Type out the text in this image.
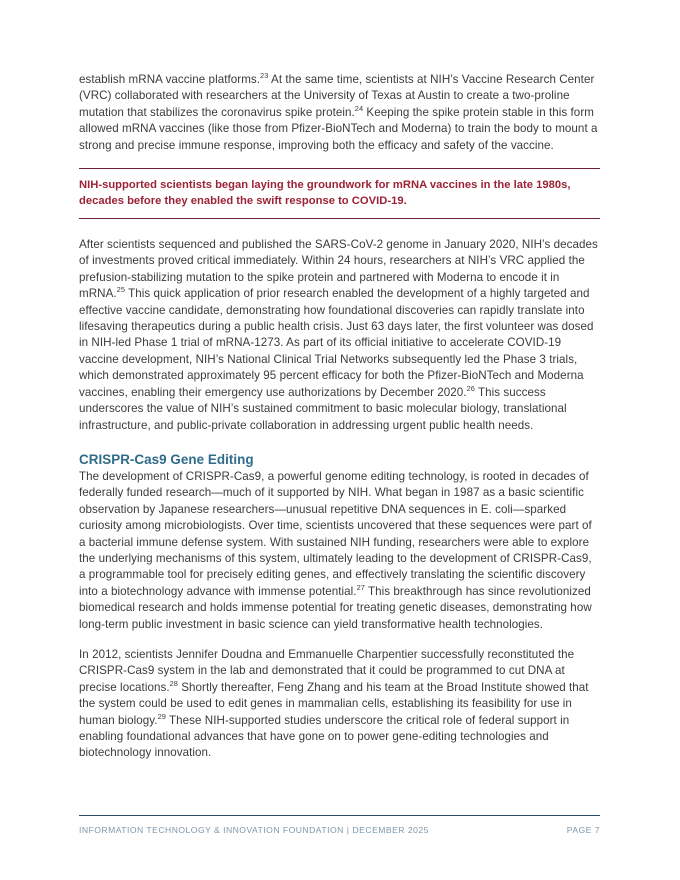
establish mRNA vaccine platforms.$^{23}$ At the same time, scientists at NIH’s Vaccine Research Center (VRC) collaborated with researchers at the University of Texas at Austin to create a two-proline mutation that stabilizes the coronavirus spike protein.$^{24}$ Keeping the spike protein stable in this form allowed mRNA vaccines (like those from Pfizer-BioNTech and Moderna) to train the body to mount a strong and precise immune response, improving both the efficacy and safety of the vaccine.

NIH-supported scientists began laying the groundwork for mRNA vaccines in the late 1980s, decades before they enabled the swift response to COVID-19.

After scientists sequenced and published the SARS-CoV-2 genome in January 2020, NIH’s decades of investments proved critical immediately. Within 24 hours, researchers at NIH’s VRC applied the prefusion-stabilizing mutation to the spike protein and partnered with Moderna to encode it in mRNA.$^{25}$ This quick application of prior research enabled the development of a highly targeted and effective vaccine candidate, demonstrating how foundational discoveries can rapidly translate into lifesaving therapeutics during a public health crisis. Just 63 days later, the first volunteer was dosed in NIH-led Phase 1 trial of mRNA-1273. As part of its official initiative to accelerate COVID-19 vaccine development, NIH’s National Clinical Trial Networks subsequently led the Phase 3 trials, which demonstrated approximately 95 percent efficacy for both the Pfizer-BioNTech and Moderna vaccines, enabling their emergency use authorizations by December 2020.26 This success underscores the value of NIH’s sustained commitment to basic molecular biology, translational infrastructure, and public-private collaboration in addressing urgent public health needs.

CRISPR-Cas9 Gene Editing

The development of CRISPR-Cas9, a powerful genome editing technology, is rooted in decades of federally funded research—much of it supported by NIH. What began in 1987 as a basic scientific observation by Japanese researchers—unusual repetitive DNA sequences in E. coli—sparked curiosity among microbiologists. Over time, scientists uncovered that these sequences were part of a bacterial immune defense system. With sustained NIH funding, researchers were able to explore the underlying mechanisms of this system, ultimately leading to the development of CRISPR-Cas9, a programmable tool for precisely editing genes, and effectively translating the scientific discovery into a biotechnology advance with immense potential.$^{27}$ This breakthrough has since revolutionized biomedical research and holds immense potential for treating genetic diseases, demonstrating how long-term public investment in basic science can yield transformative health technologies.

In 2012, scientists Jennifer Doudna and Emmanuelle Charpentier successfully reconstituted the CRISPR-Cas9 system in the lab and demonstrated that it could be programmed to cut DNA at precise locations.$^{28}$ Shortly thereafter, Feng Zhang and his team at the Broad Institute showed that the system could be used to edit genes in mammalian cells, establishing its feasibility for use in human biology.$^{29}$ These NIH-supported studies underscore the critical role of federal support in enabling foundational advances that have gone on to power gene-editing technologies and biotechnology innovation.

INFORMATION TECHNOLOGY & INNOVATION FOUNDATION | DECEMBER 2025	PAGE 7
